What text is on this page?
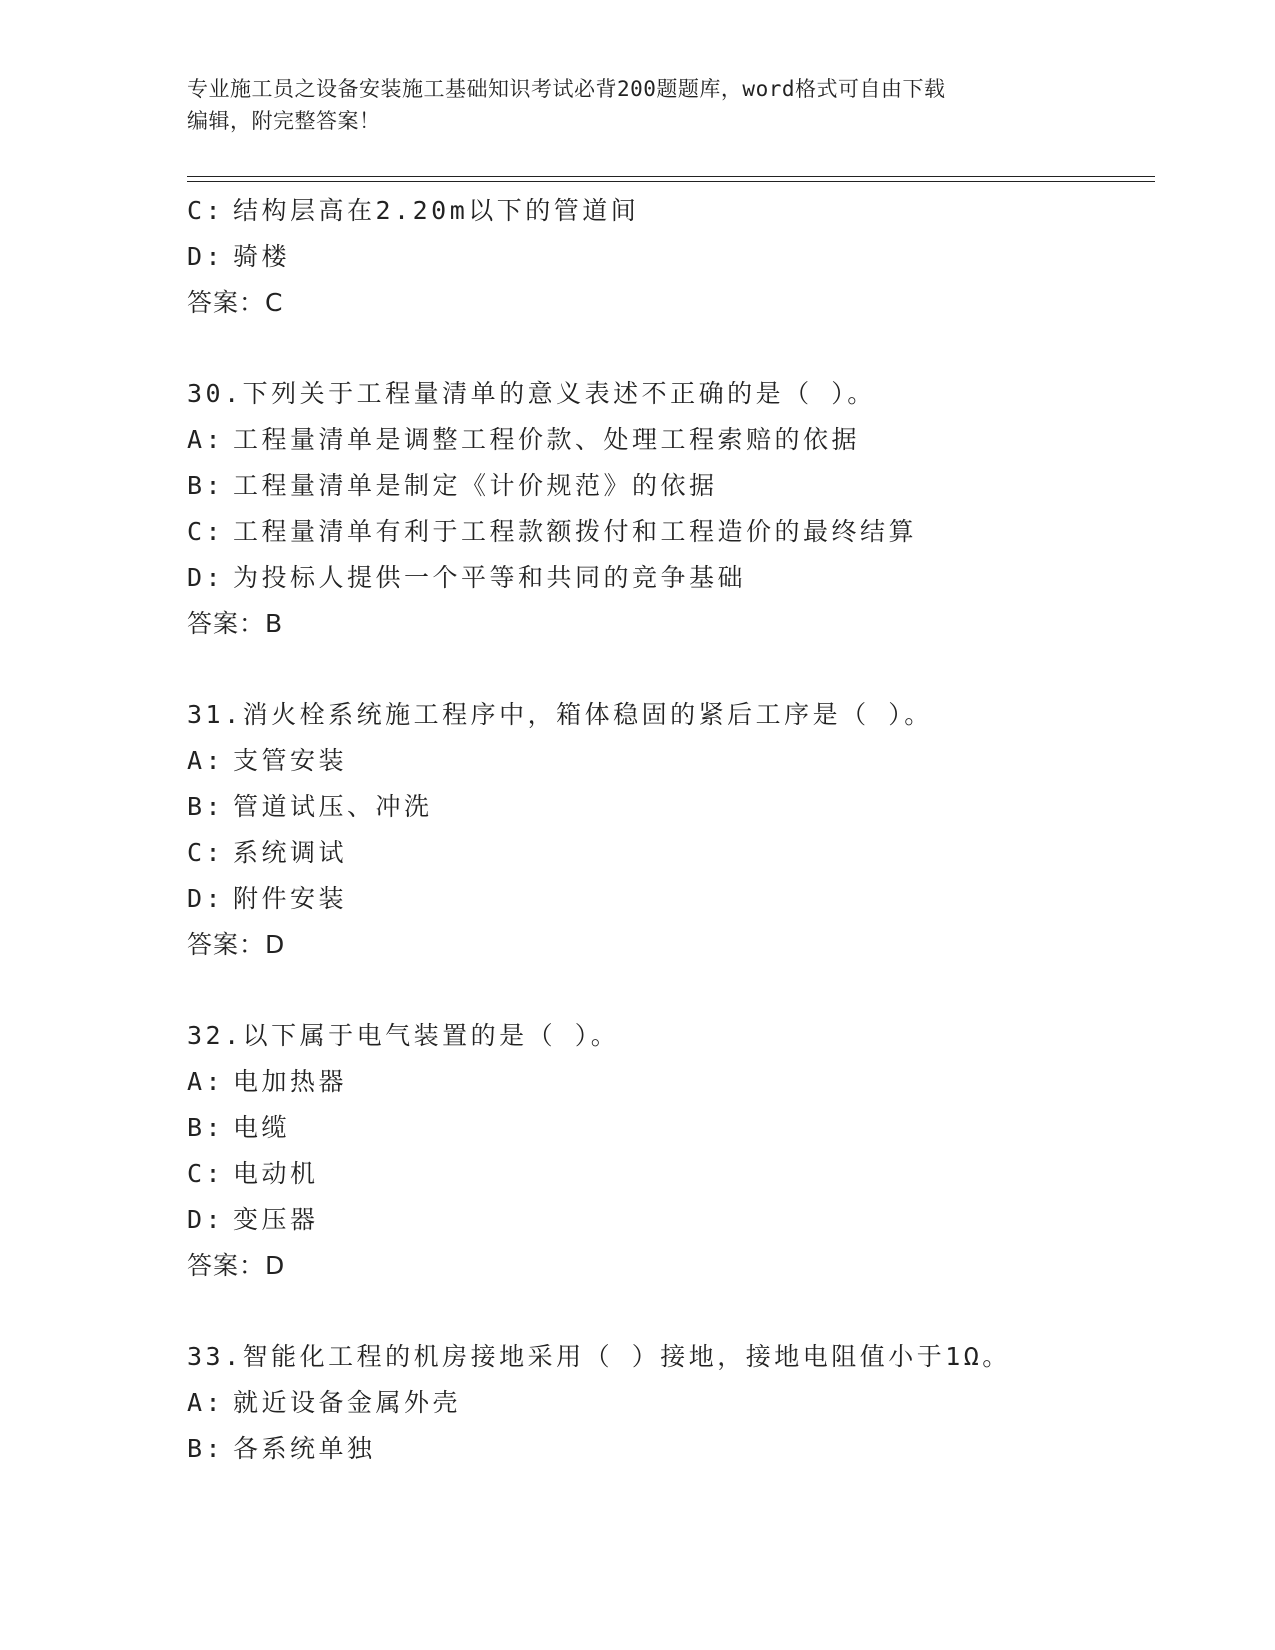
专业施工员之设备安装施工基础知识考试必背200题题库，word格式可自由下载
编辑，附完整答案！
C: 结构层高在2.20m以下的管道间
D: 骑楼
答案：C
30.下列关于工程量清单的意义表述不正确的是（ ）。
A: 工程量清单是调整工程价款、处理工程索赔的依据
B: 工程量清单是制定《计价规范》的依据
C: 工程量清单有利于工程款额拨付和工程造价的最终结算
D: 为投标人提供一个平等和共同的竞争基础
答案：B
31.消火栓系统施工程序中，箱体稳固的紧后工序是（ ）。
A: 支管安装
B: 管道试压、冲洗
C: 系统调试
D: 附件安装
答案：D
32.以下属于电气装置的是（ ）。
A: 电加热器
B: 电缆
C: 电动机
D: 变压器
答案：D
33.智能化工程的机房接地采用（ ）接地，接地电阻值小于1Ω。
A: 就近设备金属外壳
B: 各系统单独
